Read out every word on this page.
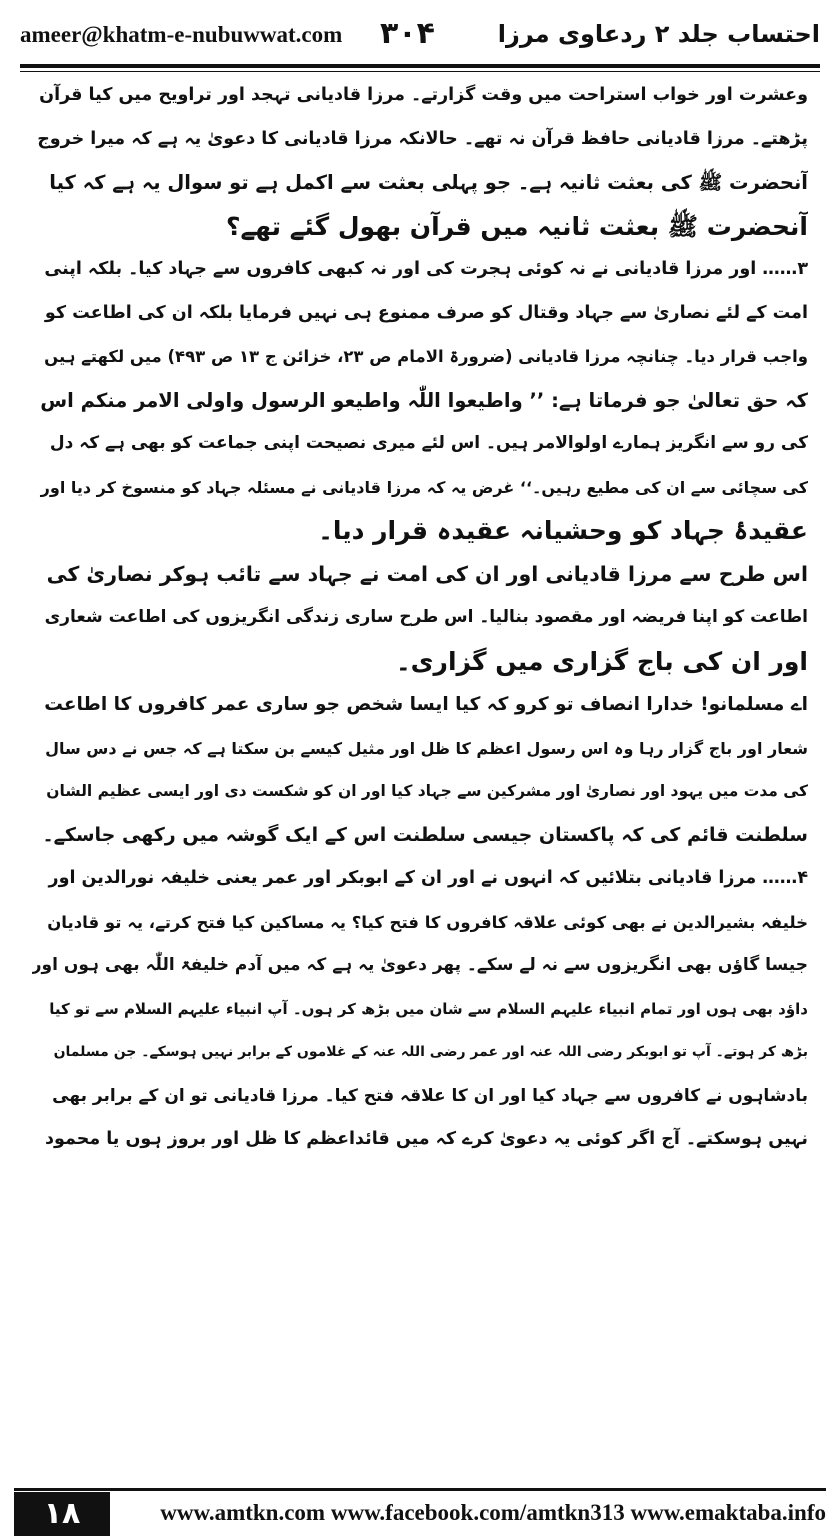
ameer@khatm-e-nubuwwat.com ۳۰۴	احتساب جلد ۲ ردعاوی مرزا
وعشرت اور خواب استراحت میں وقت گزارتے۔ مرزا قادیانی تہجد اور تراویح میں کیا قرآن
پڑھتے۔ مرزا قادیانی حافظ قرآن نہ تھے۔ حالانکہ مرزا قادیانی کا دعویٰ یہ ہے کہ میرا خروج
آنحضرت ﷺ کی بعثت ثانیہ ہے۔ جو پہلی بعثت سے اکمل ہے تو سوال یہ ہے کہ کیا
آنحضرت ﷺ بعثت ثانیہ میں قرآن بھول گئے تھے؟
۳…… اور مرزا قادیانی نے نہ کوئی ہجرت کی اور نہ کبھی کافروں سے جہاد کیا۔ بلکہ اپنی
امت کے لئے نصاریٰ سے جہاد وقتال کو صرف ممنوع ہی نہیں فرمایا بلکہ ان کی اطاعت کو
واجب قرار دیا۔ چنانچہ مرزا قادیانی (ضرورۃ الامام ص ۲۳، خزائن ج ۱۳ ص ۴۹۳) میں لکھتے ہیں
کہ حق تعالیٰ جو فرماتا ہے: ’’ واطیعوا اللّٰہ واطیعو الرسول واولی الامر منکم اس
کی رو سے انگریز ہمارے اولوالامر ہیں۔ اس لئے میری نصیحت اپنی جماعت کو بھی ہے کہ دل
کی سچائی سے ان کی مطیع رہیں۔‘‘ غرض یہ کہ مرزا قادیانی نے مسئلہ جہاد کو منسوخ کر دیا اور
عقیدۂ جہاد کو وحشیانہ عقیدہ قرار دیا۔
اس طرح سے مرزا قادیانی اور ان کی امت نے جہاد سے تائب ہوکر نصاریٰ کی
اطاعت کو اپنا فریضہ اور مقصود بنالیا۔ اس طرح ساری زندگی انگریزوں کی اطاعت شعاری
اور ان کی باج گزاری میں گزاری۔
اے مسلمانو! خدارا انصاف تو کرو کہ کیا ایسا شخص جو ساری عمر کافروں کا اطاعت
شعار اور باج گزار رہا وہ اس رسول اعظم کا ظل اور مثیل کیسے بن سکتا ہے کہ جس نے دس سال
کی مدت میں یہود اور نصاریٰ اور مشرکین سے جہاد کیا اور ان کو شکست دی اور ایسی عظیم الشان
سلطنت قائم کی کہ پاکستان جیسی سلطنت اس کے ایک گوشہ میں رکھی جاسکے۔
۴…… مرزا قادیانی بتلائیں کہ انہوں نے اور ان کے ابوبکر اور عمر یعنی خلیفہ نورالدین اور
خلیفہ بشیرالدین نے بھی کوئی علاقہ کافروں کا فتح کیا؟ یہ مساکین کیا فتح کرتے، یہ تو قادیان
جیسا گاؤں بھی انگریزوں سے نہ لے سکے۔ پھر دعویٰ یہ ہے کہ میں آدم خلیفۃ اللّٰہ بھی ہوں اور
داؤد بھی ہوں اور تمام انبیاء علیہم السلام سے شان میں بڑھ کر ہوں۔ آپ انبیاء علیہم السلام سے تو کیا
بڑھ کر ہوتے۔ آپ تو ابوبکر رضی اللہ عنہ اور عمر رضی اللہ عنہ کے غلاموں کے برابر نہیں ہوسکے۔ جن مسلمان
بادشاہوں نے کافروں سے جہاد کیا اور ان کا علاقہ فتح کیا۔ مرزا قادیانی تو ان کے برابر بھی
نہیں ہوسکتے۔ آج اگر کوئی یہ دعویٰ کرے کہ میں قائداعظم کا ظل اور بروز ہوں یا محمود
۱۸	www.amtkn.com www.facebook.com/amtkn313 www.emaktaba.info
